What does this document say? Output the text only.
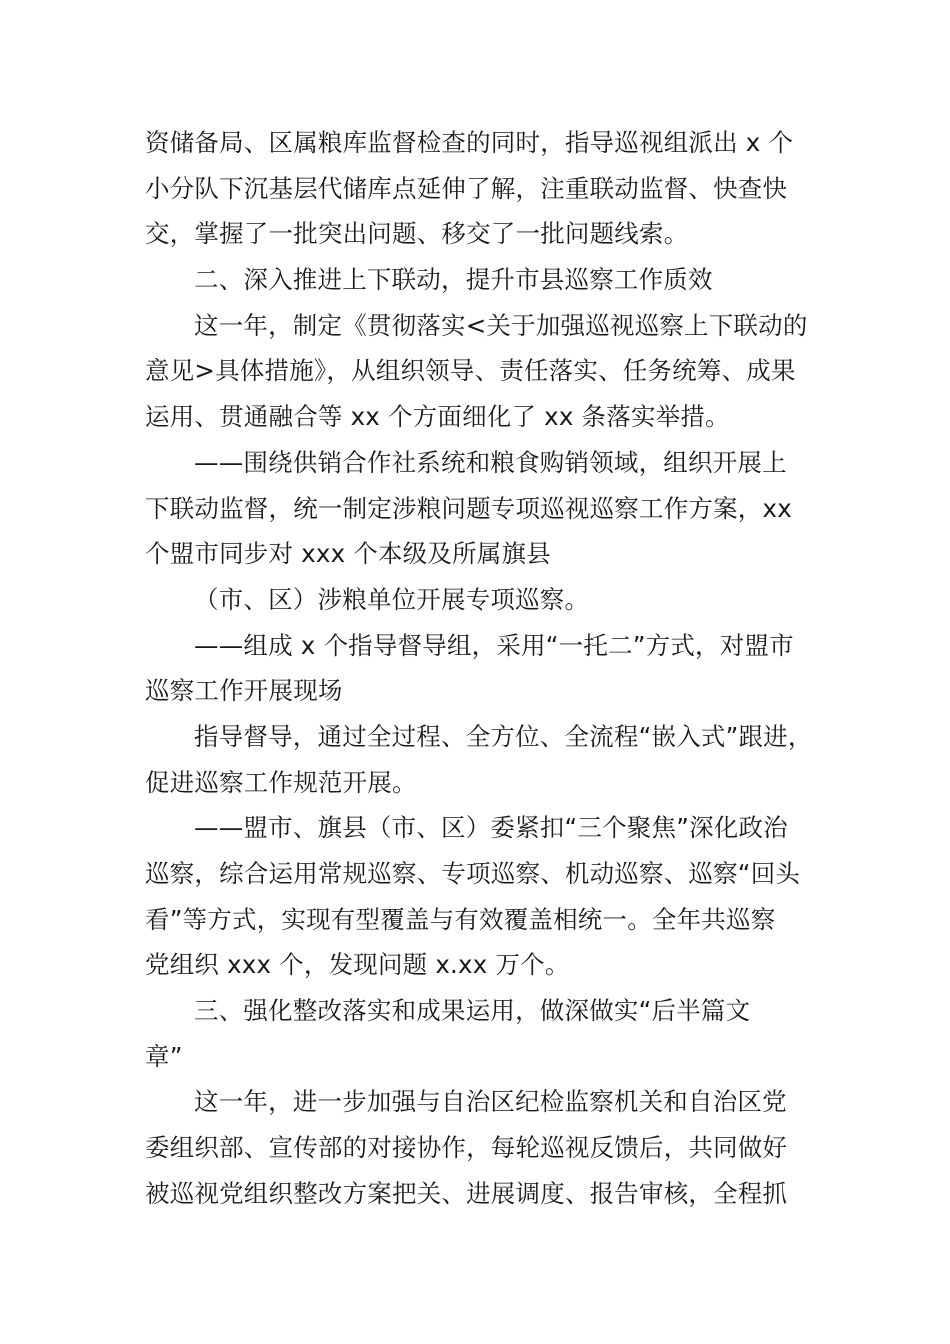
资储备局、区属粮库监督检查的同时，指导巡视组派出 x 个
小分队下沉基层代储库点延伸了解，注重联动监督、快查快
交，掌握了一批突出问题、移交了一批问题线索。
二、深入推进上下联动，提升市县巡察工作质效
这一年，制定《贯彻落实<关于加强巡视巡察上下联动的
意见>具体措施》，从组织领导、责任落实、任务统筹、成果
运用、贯通融合等 xx 个方面细化了 xx 条落实举措。
——围绕供销合作社系统和粮食购销领域，组织开展上
下联动监督，统一制定涉粮问题专项巡视巡察工作方案，xx
个盟市同步对 xxx 个本级及所属旗县
（市、区）涉粮单位开展专项巡察。
——组成 x 个指导督导组，采用“一托二”方式，对盟市
巡察工作开展现场
指导督导，通过全过程、全方位、全流程“嵌入式”跟进，
促进巡察工作规范开展。
——盟市、旗县（市、区）委紧扣“三个聚焦”深化政治
巡察，综合运用常规巡察、专项巡察、机动巡察、巡察“回头
看”等方式，实现有型覆盖与有效覆盖相统一。全年共巡察
党组织 xxx 个，发现问题 x.xx 万个。
三、强化整改落实和成果运用，做深做实“后半篇文
章”
这一年，进一步加强与自治区纪检监察机关和自治区党
委组织部、宣传部的对接协作，每轮巡视反馈后，共同做好
被巡视党组织整改方案把关、进展调度、报告审核，全程抓
